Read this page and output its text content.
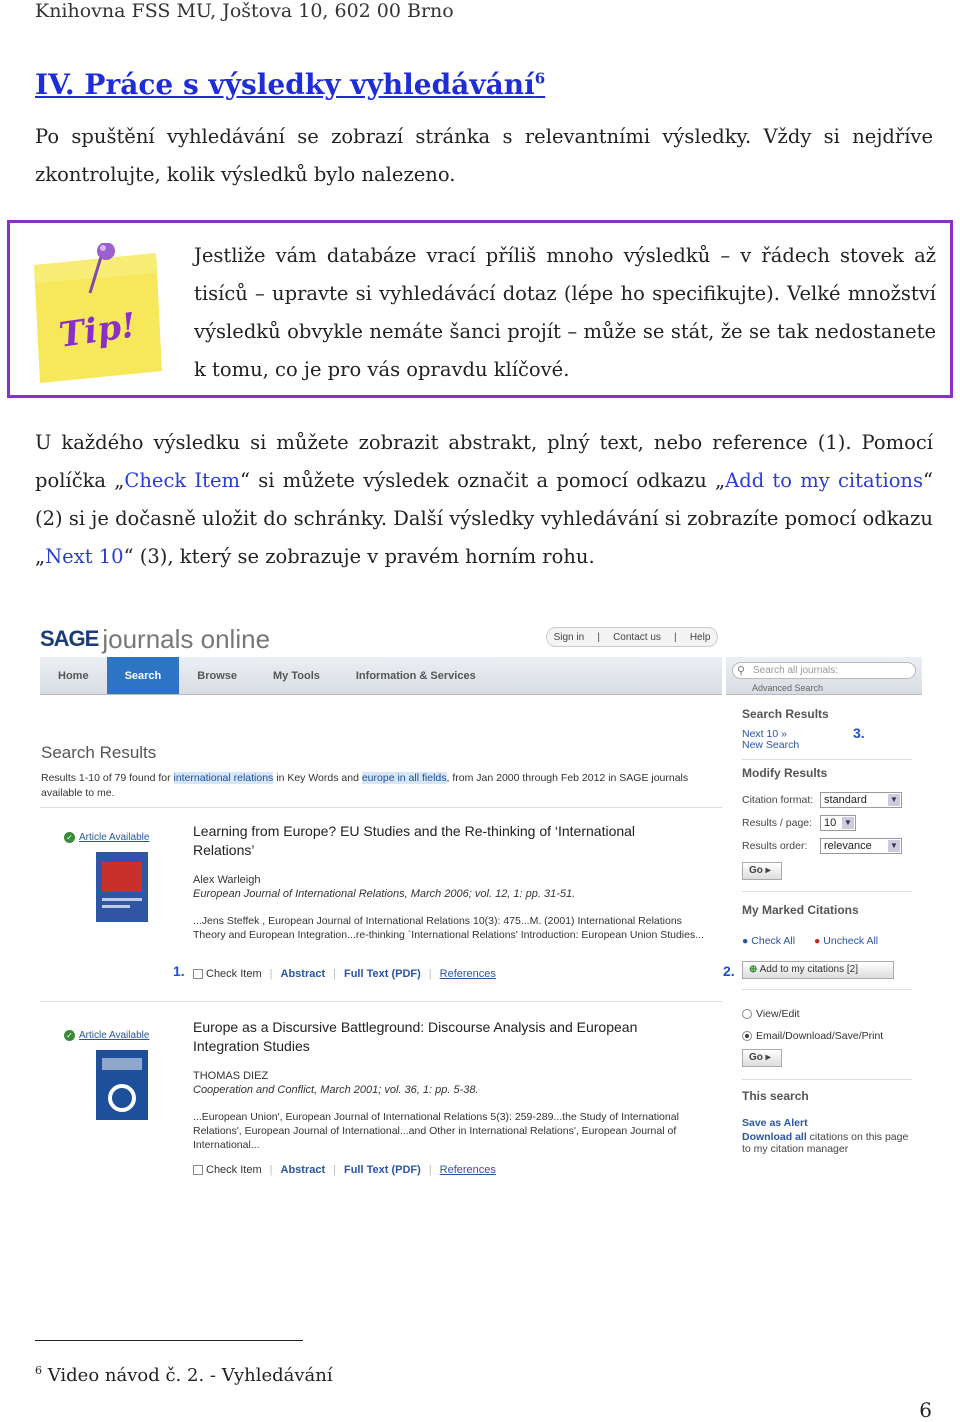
Knihovna FSS MU, Joštova 10, 602 00 Brno
IV. Práce s výsledky vyhledávání$^6$
Po spuštění vyhledávání se zobrazí stránka s relevantními výsledky. Vždy si nejdříve zkontrolujte, kolik výsledků bylo nalezeno.
Tip!
Jestliže vám databáze vrací příliš mnoho výsledků – v řádech stovek až tisíců – upravte si vyhledávácí dotaz (lépe ho specifikujte). Velké množství výsledků obvykle nemáte šanci projít – může se stát, že se tak nedostanete k tomu, co je pro vás opravdu klíčové.
U každého výsledku si můžete zobrazit abstrakt, plný text, nebo reference (1). Pomocí políčka „Check Item“ si můžete výsledek označit a pomocí odkazu „Add to my citations“ (2) si je dočasně uložit do schránky. Další výsledky vyhledávání si zobrazíte pomocí odkazu „Next 10“ (3), který se zobrazuje v pravém horním rohu.
SAGE journals online	Sign in | Contact us | Help
Home	Search	Browse	My Tools	Information & Services	⚲ Search all journals:
Advanced Search
Search Results
Results 1-10 of 79 found for international relations in Key Words and europe in all fields, from Jan 2000 through Feb 2012 in SAGE journals available to me.
✓ Article Available	Learning from Europe? EU Studies and the Re-thinking of ‘International Relations’
Alex Warleigh
European Journal of International Relations, March 2006; vol. 12, 1: pp. 31-51.
...Jens Steffek , European Journal of International Relations 10(3): 475...M. (2001) International Relations Theory and European Integration...re-thinking `International Relations' Introduction: European Union Studies...
Check Item | Abstract | Full Text (PDF) | References
1.	2.
3.
✓ Article Available
Europe as a Discursive Battleground: Discourse Analysis and European Integration Studies
THOMAS DIEZ
Cooperation and Conflict, March 2001; vol. 36, 1: pp. 5-38.
...European Union', European Journal of International Relations 5(3): 259-289...the Study of International Relations', European Journal of International...and Other in International Relations', European Journal of International...
Check Item | Abstract | Full Text (PDF) | References
Search Results
Next 10 »
New Search
Modify Results
Citation format: standard	▼
Results / page:	10 ▼
Results order:	relevance ▼
Go ▸
My Marked Citations
● Check All ● Uncheck All
⊕ Add to my citations [2]
View/Edit
Email/Download/Save/Print
Go ▸
This search
Save as Alert
Download all citations on this page to my citation manager
$^6$ Video návod č. 2. - Vyhledávání
6
